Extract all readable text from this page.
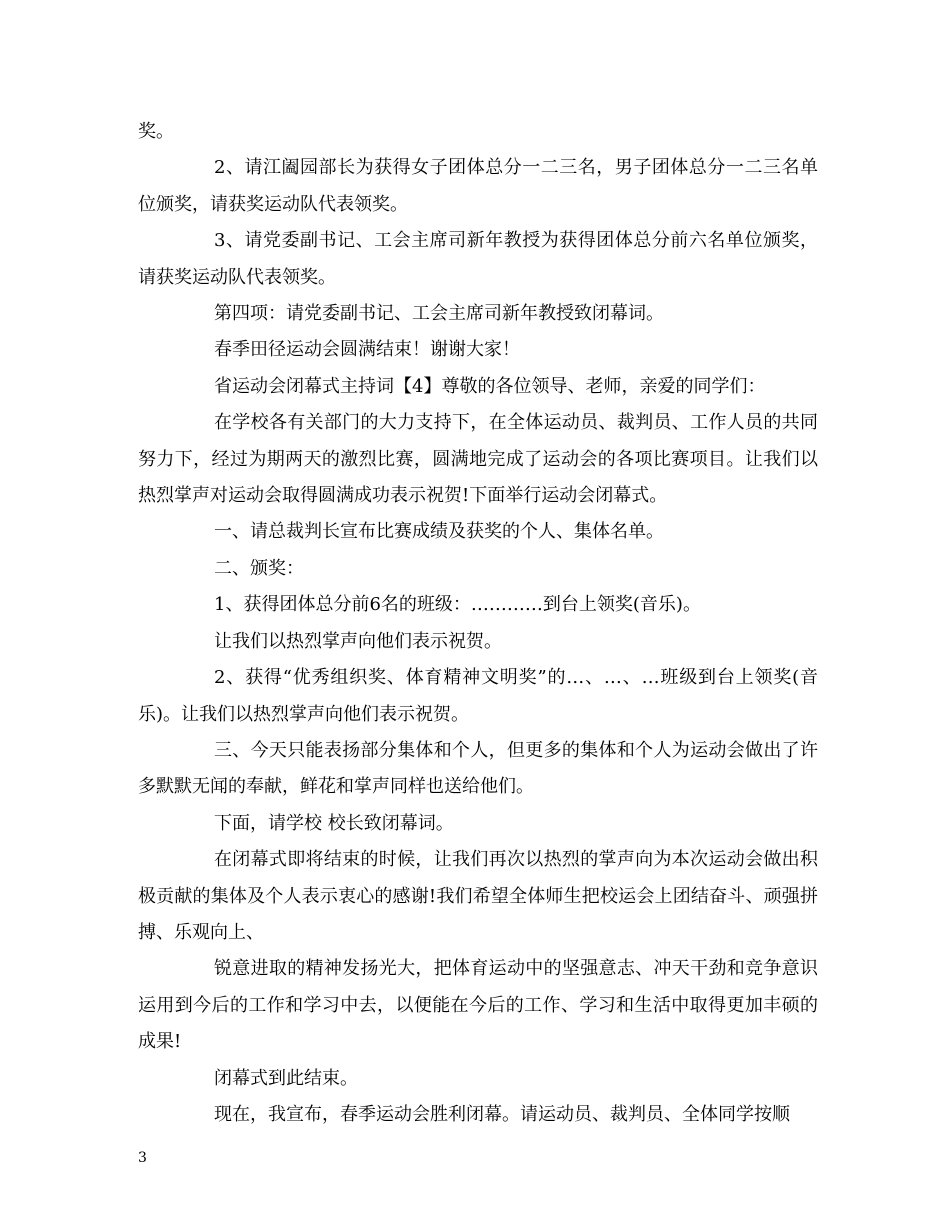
奖。

2、请江阖园部长为获得女子团体总分一二三名，男子团体总分一二三名单位颁奖，请获奖运动队代表领奖。

3、请党委副书记、工会主席司新年教授为获得团体总分前六名单位颁奖，请获奖运动队代表领奖。

第四项：请党委副书记、工会主席司新年教授致闭幕词。

春季田径运动会圆满结束！谢谢大家！

省运动会闭幕式主持词【4】尊敬的各位领导、老师，亲爱的同学们：

在学校各有关部门的大力支持下，在全体运动员、裁判员、工作人员的共同努力下，经过为期两天的激烈比赛，圆满地完成了运动会的各项比赛项目。让我们以热烈掌声对运动会取得圆满成功表示祝贺!下面举行运动会闭幕式。

一、请总裁判长宣布比赛成绩及获奖的个人、集体名单。

二、颁奖：

1、获得团体总分前6名的班级：…………到台上领奖(音乐)。

让我们以热烈掌声向他们表示祝贺。

2、获得“优秀组织奖、体育精神文明奖”的…、…、…班级到台上领奖(音乐)。让我们以热烈掌声向他们表示祝贺。

三、今天只能表扬部分集体和个人，但更多的集体和个人为运动会做出了许多默默无闻的奉献，鲜花和掌声同样也送给他们。

下面，请学校 校长致闭幕词。

在闭幕式即将结束的时候，让我们再次以热烈的掌声向为本次运动会做出积极贡献的集体及个人表示衷心的感谢!我们希望全体师生把校运会上团结奋斗、顽强拼搏、乐观向上、

锐意进取的精神发扬光大，把体育运动中的坚强意志、冲天干劲和竞争意识运用到今后的工作和学习中去，以便能在今后的工作、学习和生活中取得更加丰硕的成果!

闭幕式到此结束。

现在，我宣布，春季运动会胜利闭幕。请运动员、裁判员、全体同学按顺

3
